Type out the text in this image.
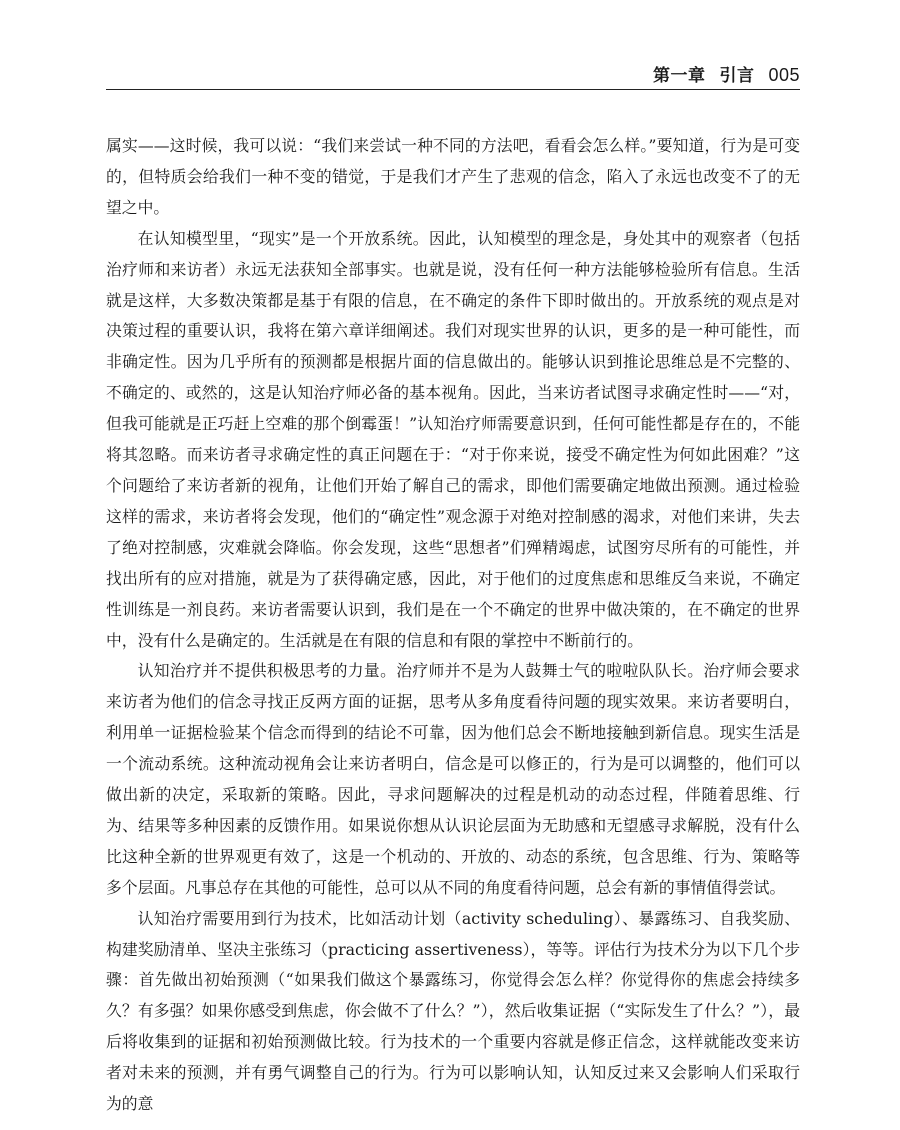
第一章 引言 005

属实——这时候，我可以说：“我们来尝试一种不同的方法吧，看看会怎么样。”要知道，行为是可变的，但特质会给我们一种不变的错觉，于是我们才产生了悲观的信念，陷入了永远也改变不了的无望之中。

在认知模型里，“现实”是一个开放系统。因此，认知模型的理念是，身处其中的观察者（包括治疗师和来访者）永远无法获知全部事实。也就是说，没有任何一种方法能够检验所有信息。生活就是这样，大多数决策都是基于有限的信息，在不确定的条件下即时做出的。开放系统的观点是对决策过程的重要认识，我将在第六章详细阐述。我们对现实世界的认识，更多的是一种可能性，而非确定性。因为几乎所有的预测都是根据片面的信息做出的。能够认识到推论思维总是不完整的、不确定的、或然的，这是认知治疗师必备的基本视角。因此，当来访者试图寻求确定性时——“对，但我可能就是正巧赶上空难的那个倒霉蛋！”认知治疗师需要意识到，任何可能性都是存在的，不能将其忽略。而来访者寻求确定性的真正问题在于：“对于你来说，接受不确定性为何如此困难？”这个问题给了来访者新的视角，让他们开始了解自己的需求，即他们需要确定地做出预测。通过检验这样的需求，来访者将会发现，他们的“确定性”观念源于对绝对控制感的渴求，对他们来讲，失去了绝对控制感，灾难就会降临。你会发现，这些“思想者”们殚精竭虑，试图穷尽所有的可能性，并找出所有的应对措施，就是为了获得确定感，因此，对于他们的过度焦虑和思维反刍来说，不确定性训练是一剂良药。来访者需要认识到，我们是在一个不确定的世界中做决策的，在不确定的世界中，没有什么是确定的。生活就是在有限的信息和有限的掌控中不断前行的。

认知治疗并不提供积极思考的力量。治疗师并不是为人鼓舞士气的啦啦队队长。治疗师会要求来访者为他们的信念寻找正反两方面的证据，思考从多角度看待问题的现实效果。来访者要明白，利用单一证据检验某个信念而得到的结论不可靠，因为他们总会不断地接触到新信息。现实生活是一个流动系统。这种流动视角会让来访者明白，信念是可以修正的，行为是可以调整的，他们可以做出新的决定，采取新的策略。因此，寻求问题解决的过程是机动的动态过程，伴随着思维、行为、结果等多种因素的反馈作用。如果说你想从认识论层面为无助感和无望感寻求解脱，没有什么比这种全新的世界观更有效了，这是一个机动的、开放的、动态的系统，包含思维、行为、策略等多个层面。凡事总存在其他的可能性，总可以从不同的角度看待问题，总会有新的事情值得尝试。

认知治疗需要用到行为技术，比如活动计划（activity scheduling）、暴露练习、自我奖励、构建奖励清单、坚决主张练习（practicing assertiveness），等等。评估行为技术分为以下几个步骤：首先做出初始预测（“如果我们做这个暴露练习，你觉得会怎么样？你觉得你的焦虑会持续多久？有多强？如果你感受到焦虑，你会做不了什么？”），然后收集证据（“实际发生了什么？”），最后将收集到的证据和初始预测做比较。行为技术的一个重要内容就是修正信念，这样就能改变来访者对未来的预测，并有勇气调整自己的行为。行为可以影响认知，认知反过来又会影响人们采取行为的意
